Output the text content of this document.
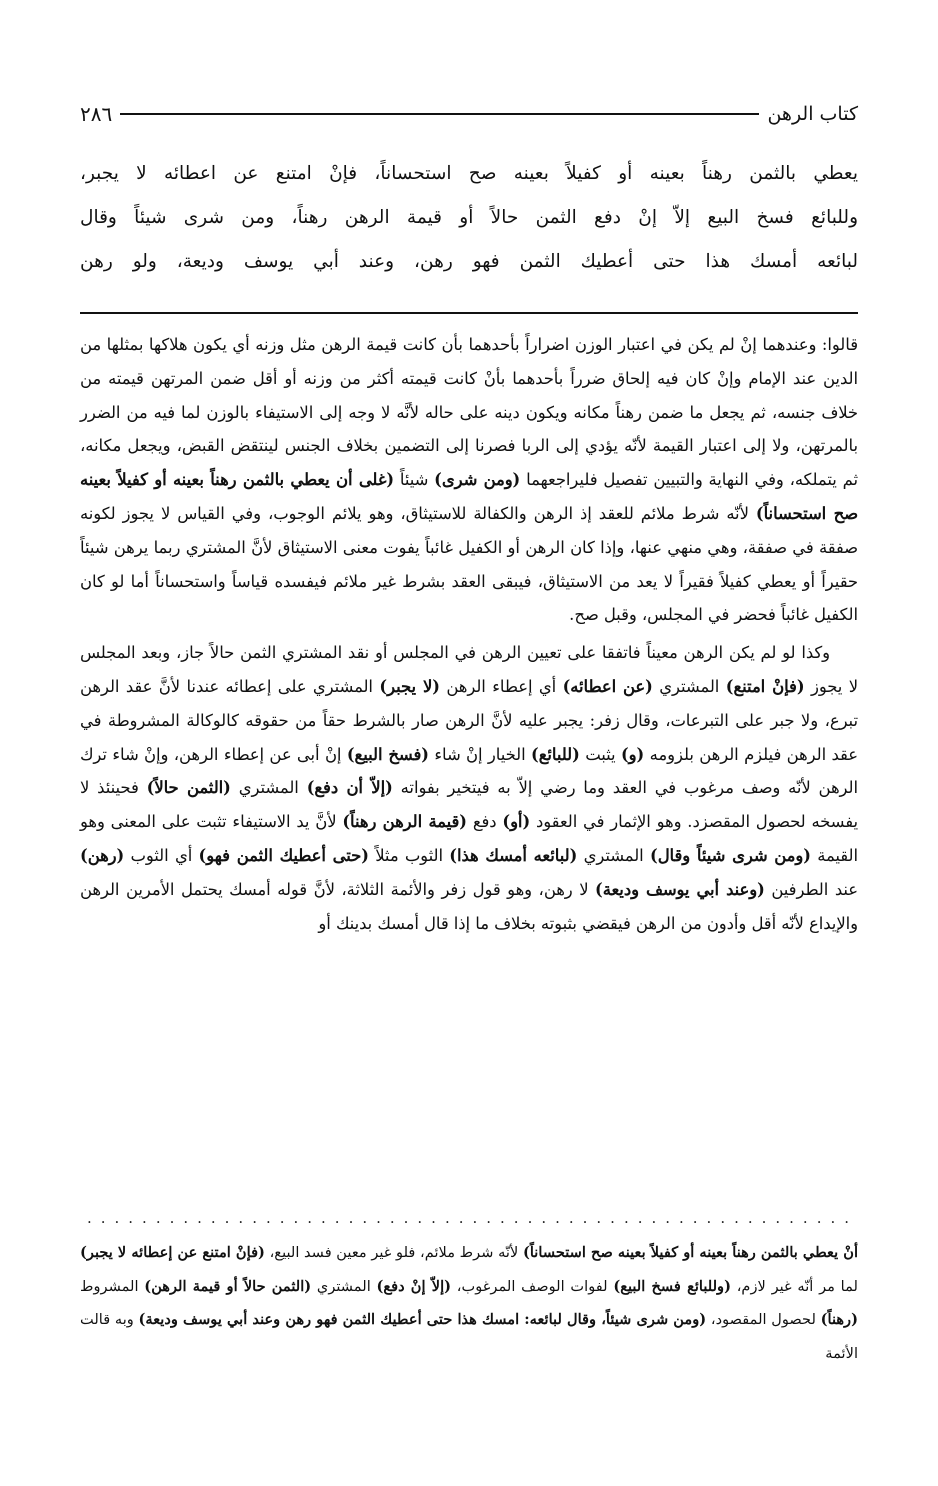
٢٨٦	كتاب الرهن
يعطي بالثمن رهناً بعينه أو كفيلاً بعينه صح استحساناً، فإنْ امتنع عن اعطائه لا يجبر،
وللبائع فسخ البيع إلاّ إنْ دفع الثمن حالاً أو قيمة الرهن رهناً، ومن شرى شيئاً وقال
لبائعه أمسك هذا حتى أعطيك الثمن فهو رهن، وعند أبي يوسف وديعة، ولو رهن

قالوا: وعندهما إنْ لم يكن في اعتبار الوزن اضراراً بأحدهما بأن كانت قيمة الرهن مثل وزنه أي يكون هلاكها بمثلها من الدين عند الإمام وإنْ كان فيه إلحاق ضرراً بأحدهما بأنْ كانت قيمته أكثر من وزنه أو أقل ضمن المرتهن قيمته من خلاف جنسه، ثم يجعل ما ضمن رهناً مكانه ويكون دينه على حاله لأنَّه لا وجه إلى الاستيفاء بالوزن لما فيه من الضرر بالمرتهن، ولا إلى اعتبار القيمة لأنّه يؤدي إلى الربا فصرنا إلى التضمين بخلاف الجنس لينتقض القبض، ويجعل مكانه، ثم يتملكه، وفي النهاية والتبيين تفصيل فليراجعهما (ومن شرى) شيئاً (غلى أن يعطي بالثمن رهناً بعينه أو كفيلاً بعينه صح استحساناً) لأنّه شرط ملائم للعقد إذ الرهن والكفالة للاستيثاق، وهو يلائم الوجوب، وفي القياس لا يجوز لكونه صفقة في صفقة، وهي منهي عنها، وإذا كان الرهن أو الكفيل غائباً يفوت معنى الاستيثاق لأنَّ المشتري ربما يرهن شيئاً حقيراً أو يعطي كفيلاً فقيراً لا يعد من الاستيثاق، فيبقى العقد بشرط غير ملائم فيفسده قياساً واستحساناً أما لو كان الكفيل غائباً فحضر في المجلس، وقبل صح.

وكذا لو لم يكن الرهن معيناً فاتفقا على تعيين الرهن في المجلس أو نقد المشتري الثمن حالاً جاز، وبعد المجلس لا يجوز (فإنْ امتنع) المشتري (عن اعطائه) أي إعطاء الرهن (لا يجبر) المشتري على إعطائه عندنا لأنَّ عقد الرهن تبرع، ولا جبر على التبرعات، وقال زفر: يجبر عليه لأنَّ الرهن صار بالشرط حقاً من حقوقه كالوكالة المشروطة في عقد الرهن فيلزم الرهن بلزومه (و) يثبت (للبائع) الخيار إنْ شاء (فسخ البيع) إنْ أبى عن إعطاء الرهن، وإنْ شاء ترك الرهن لأنّه وصف مرغوب في العقد وما رضي إلاّ به فيتخير بفواته (إلاّ أن دفع) المشتري (الثمن حالاً) فحينئذ لا يفسخه لحصول المقصزد. وهو الإثمار في العقود (أو) دفع (قيمة الرهن رهناً) لأنَّ يد الاستيفاء تثبت على المعنى وهو القيمة (ومن شرى شيئاً وقال) المشتري (لبائعه أمسك هذا) الثوب مثلاً (حتى أعطيك الثمن فهو) أي الثوب (رهن) عند الطرفين (وعند أبي يوسف وديعة) لا رهن، وهو قول زفر والأئمة الثلاثة، لأنَّ قوله أمسك يحتمل الأمرين الرهن والإيداع لأنّه أقل وأدون من الرهن فيقضي بثبوته بخلاف ما إذا قال أمسك بدينك أو

........................................................

أنْ يعطي بالثمن رهناً بعينه أو كفيلاً بعينه صح استحساناً) لأنّه شرط ملائم، فلو غير معين فسد البيع، (فإنْ امتنع عن إعطائه لا يجبر) لما مر أنّه غير لازم، (وللبائع فسخ البيع) لفوات الوصف المرغوب، (إلاّ إنْ دفع) المشتري (الثمن حالاً أو قيمة الرهن) المشروط (رهناً) لحصول المقصود، (ومن شرى شيئاً، وقال لبائعه: امسك هذا حتى أعطيك الثمن فهو رهن وعند أبي يوسف وديعة) وبه قالت الأئمة
